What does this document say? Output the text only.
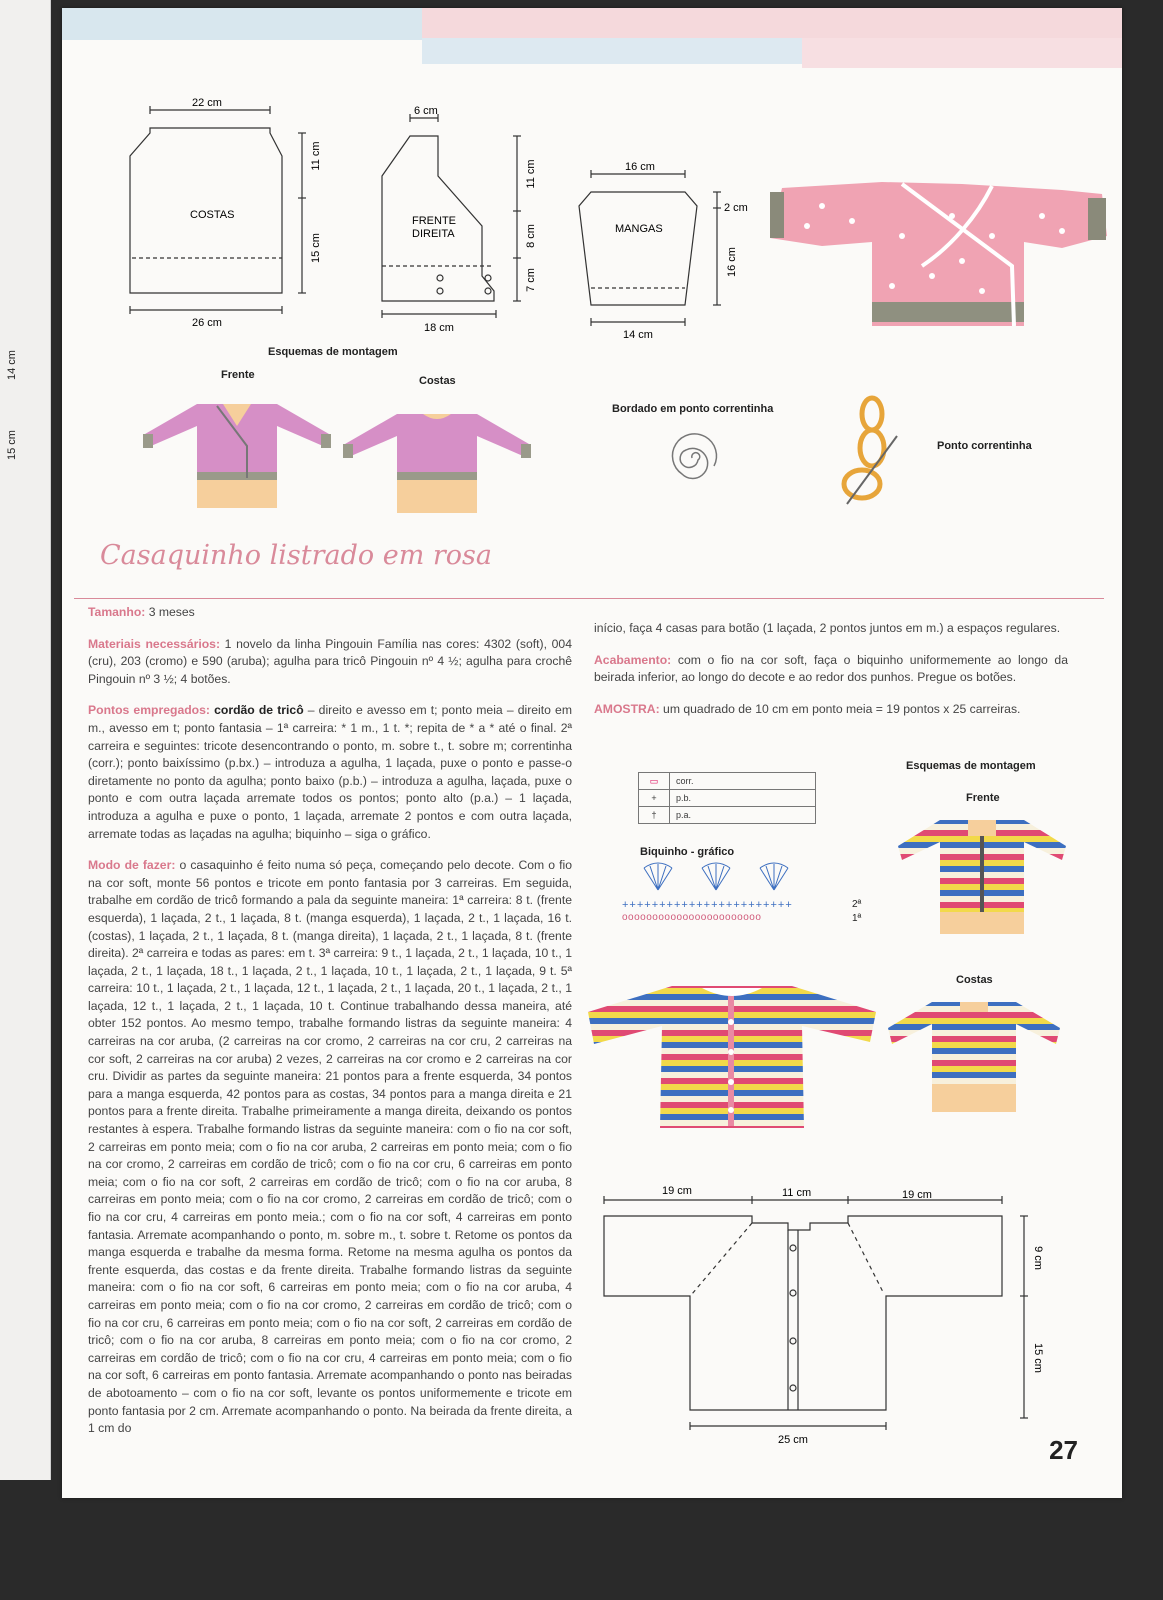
14 cm
15 cm
22 cm
26 cm
COSTAS
11 cm
15 cm
6 cm
18 cm
FRENTE
DIREITA
11 cm
8 cm
7 cm
16 cm
14 cm
MANGAS
2 cm
16 cm
Esquemas de montagem
Frente	Costas
Bordado em ponto correntinha
Ponto correntinha
Casaquinho listrado em rosa

Tamanho: 3 meses

Materiais necessários: 1 novelo da linha Pingouin Família nas cores: 4302 (soft), 004 (cru), 203 (cromo) e 590 (aruba); agulha para tricô Pingouin nº 4 ½; agulha para crochê Pingouin nº 3 ½; 4 botões.

Pontos empregados: cordão de tricô – direito e avesso em t; ponto meia – direito em m., avesso em t; ponto fantasia – 1ª carreira: * 1 m., 1 t. *; repita de * a * até o final. 2ª carreira e seguintes: tricote desencontrando o ponto, m. sobre t., t. sobre m; correntinha (corr.); ponto baixíssimo (p.bx.) – introduza a agulha, 1 laçada, puxe o ponto e passe-o diretamente no ponto da agulha; ponto baixo (p.b.) – introduza a agulha, laçada, puxe o ponto e com outra laçada arremate todos os pontos; ponto alto (p.a.) – 1 laçada, introduza a agulha e puxe o ponto, 1 laçada, arremate 2 pontos e com outra laçada, arremate todas as laçadas na agulha; biquinho – siga o gráfico.

Modo de fazer: o casaquinho é feito numa só peça, começando pelo decote. Com o fio na cor soft, monte 56 pontos e tricote em ponto fantasia por 3 carreiras. Em seguida, trabalhe em cordão de tricô formando a pala da seguinte maneira: 1ª carreira: 8 t. (frente esquerda), 1 laçada, 2 t., 1 laçada, 8 t. (manga esquerda), 1 laçada, 2 t., 1 laçada, 16 t. (costas), 1 laçada, 2 t., 1 laçada, 8 t. (manga direita), 1 laçada, 2 t., 1 laçada, 8 t. (frente direita). 2ª carreira e todas as pares: em t. 3ª carreira: 9 t., 1 laçada, 2 t., 1 laçada, 10 t., 1 laçada, 2 t., 1 laçada, 18 t., 1 laçada, 2 t., 1 laçada, 10 t., 1 laçada, 2 t., 1 laçada, 9 t. 5ª carreira: 10 t., 1 laçada, 2 t., 1 laçada, 12 t., 1 laçada, 2 t., 1 laçada, 20 t., 1 laçada, 2 t., 1 laçada, 12 t., 1 laçada, 2 t., 1 laçada, 10 t. Continue trabalhando dessa maneira, até obter 152 pontos. Ao mesmo tempo, trabalhe formando listras da seguinte maneira: 4 carreiras na cor aruba, (2 carreiras na cor cromo, 2 carreiras na cor cru, 2 carreiras na cor soft, 2 carreiras na cor aruba) 2 vezes, 2 carreiras na cor cromo e 2 carreiras na cor cru. Dividir as partes da seguinte maneira: 21 pontos para a frente esquerda, 34 pontos para a manga esquerda, 42 pontos para as costas, 34 pontos para a manga direita e 21 pontos para a frente direita. Trabalhe primeiramente a manga direita, deixando os pontos restantes à espera. Trabalhe formando listras da seguinte maneira: com o fio na cor soft, 2 carreiras em ponto meia; com o fio na cor aruba, 2 carreiras em ponto meia; com o fio na cor cromo, 2 carreiras em cordão de tricô; com o fio na cor cru, 6 carreiras em ponto meia; com o fio na cor soft, 2 carreiras em cordão de tricô; com o fio na cor aruba, 8 carreiras em ponto meia; com o fio na cor cromo, 2 carreiras em cordão de tricô; com o fio na cor cru, 4 carreiras em ponto meia.; com o fio na cor soft, 4 carreiras em ponto fantasia. Arremate acompanhando o ponto, m. sobre m., t. sobre t. Retome os pontos da manga esquerda e trabalhe da mesma forma. Retome na mesma agulha os pontos da frente esquerda, das costas e da frente direita. Trabalhe formando listras da seguinte maneira: com o fio na cor soft, 6 carreiras em ponto meia; com o fio na cor aruba, 4 carreiras em ponto meia; com o fio na cor cromo, 2 carreiras em cordão de tricô; com o fio na cor cru, 6 carreiras em ponto meia; com o fio na cor soft, 2 carreiras em cordão de tricô; com o fio na cor aruba, 8 carreiras em ponto meia; com o fio na cor cromo, 2 carreiras em cordão de tricô; com o fio na cor cru, 4 carreiras em ponto meia; com o fio na cor soft, 6 carreiras em ponto fantasia. Arremate acompanhando o ponto nas beiradas de abotoamento – com o fio na cor soft, levante os pontos uniformemente e tricote em ponto fantasia por 2 cm. Arremate acompanhando o ponto. Na beirada da frente direita, a 1 cm do

início, faça 4 casas para botão (1 laçada, 2 pontos juntos em m.) a espaços regulares.

Acabamento: com o fio na cor soft, faça o biquinho uniformemente ao longo da beirada inferior, ao longo do decote e ao redor dos punhos. Pregue os botões.

AMOSTRA: um quadrado de 10 cm em ponto meia = 19 pontos x 25 carreiras.

▭	corr.
+	p.b.
†	p.a.
Biquinho - gráfico
+++++++++++++++++++++++
ooooooooooooooooooooooo
2ª
1ª
Esquemas de montagem
Frente
Costas
19 cm	11 cm	19 cm
25 cm
9 cm
15 cm
27
